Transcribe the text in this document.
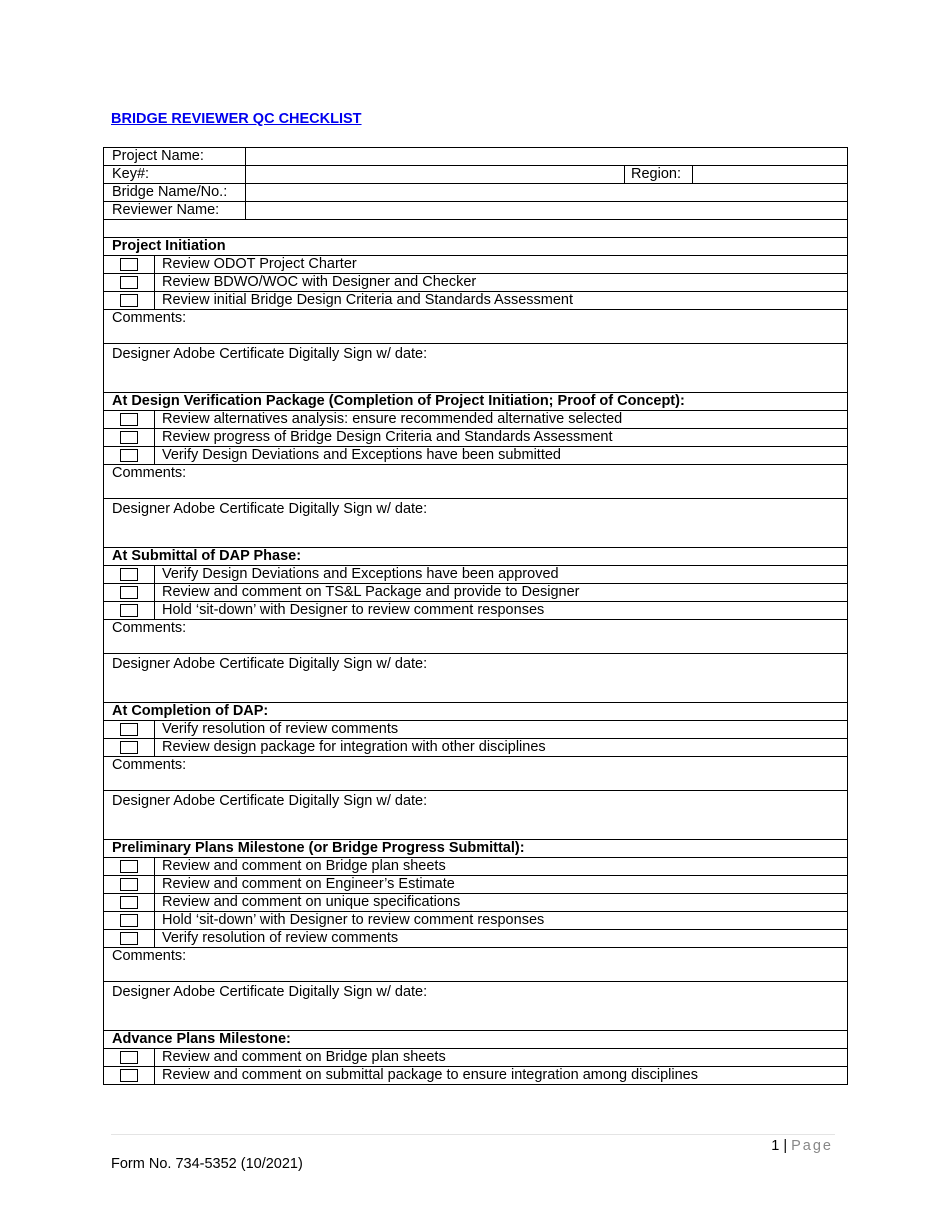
BRIDGE REVIEWER QC CHECKLIST
Project Name:
Key#:	Region:
Bridge Name/No.:
Reviewer Name:
Project Initiation
Review ODOT Project Charter
Review BDWO/WOC with Designer and Checker
Review initial Bridge Design Criteria and Standards Assessment
Comments:
Designer Adobe Certificate Digitally Sign w/ date:
At Design Verification Package (Completion of Project Initiation; Proof of Concept):
Review alternatives analysis: ensure recommended alternative selected
Review progress of Bridge Design Criteria and Standards Assessment
Verify Design Deviations and Exceptions have been submitted
Comments:
Designer Adobe Certificate Digitally Sign w/ date:
At Submittal of DAP Phase:
Verify Design Deviations and Exceptions have been approved
Review and comment on TS&L Package and provide to Designer
Hold ‘sit-down’ with Designer to review comment responses
Comments:
Designer Adobe Certificate Digitally Sign w/ date:
At Completion of DAP:
Verify resolution of review comments
Review design package for integration with other disciplines
Comments:
Designer Adobe Certificate Digitally Sign w/ date:
Preliminary Plans Milestone (or Bridge Progress Submittal):
Review and comment on Bridge plan sheets
Review and comment on Engineer’s Estimate
Review and comment on unique specifications
Hold ‘sit-down’ with Designer to review comment responses
Verify resolution of review comments
Comments:
Designer Adobe Certificate Digitally Sign w/ date:
Advance Plans Milestone:
Review and comment on Bridge plan sheets
Review and comment on submittal package to ensure integration among disciplines
1 | Page
Form No. 734-5352 (10/2021)
